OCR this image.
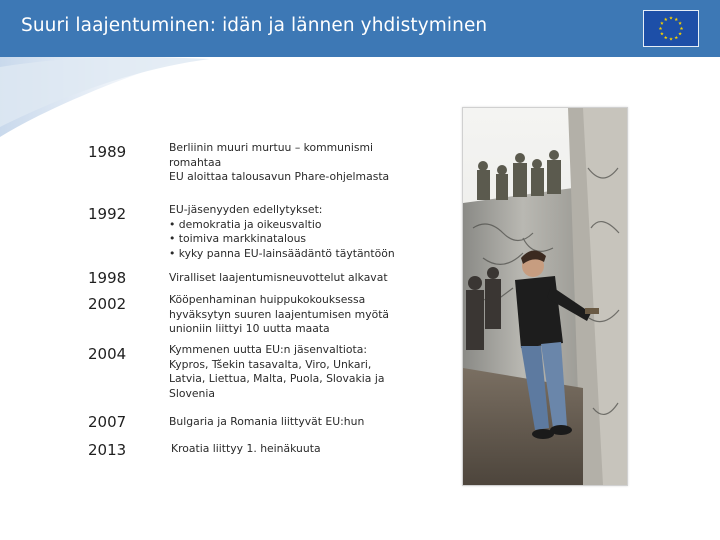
Suuri laajentuminen: idän ja lännen yhdistyminen
1989	Berliinin muuri murtuu – kommunismi
romahtaa
EU aloittaa talousavun Phare-ohjelmasta
1992	EU-jäsenyyden edellytykset:
• demokratia ja oikeusvaltio
• toimiva markkinatalous
• kyky panna EU-lainsäädäntö täytäntöön
1998	Viralliset laajentumisneuvottelut alkavat
2002	Kööpenhaminan huippukokouksessa
hyväksytyn suuren laajentumisen myötä
unioniin liittyi 10 uutta maata
2004	Kymmenen uutta EU:n jäsenvaltiota:
Kypros, Tšekin tasavalta, Viro, Unkari,
Latvia, Liettua, Malta, Puola, Slovakia ja
Slovenia
2007	Bulgaria ja Romania liittyvät EU:hun
2013	Kroatia liittyy 1. heinäkuuta
